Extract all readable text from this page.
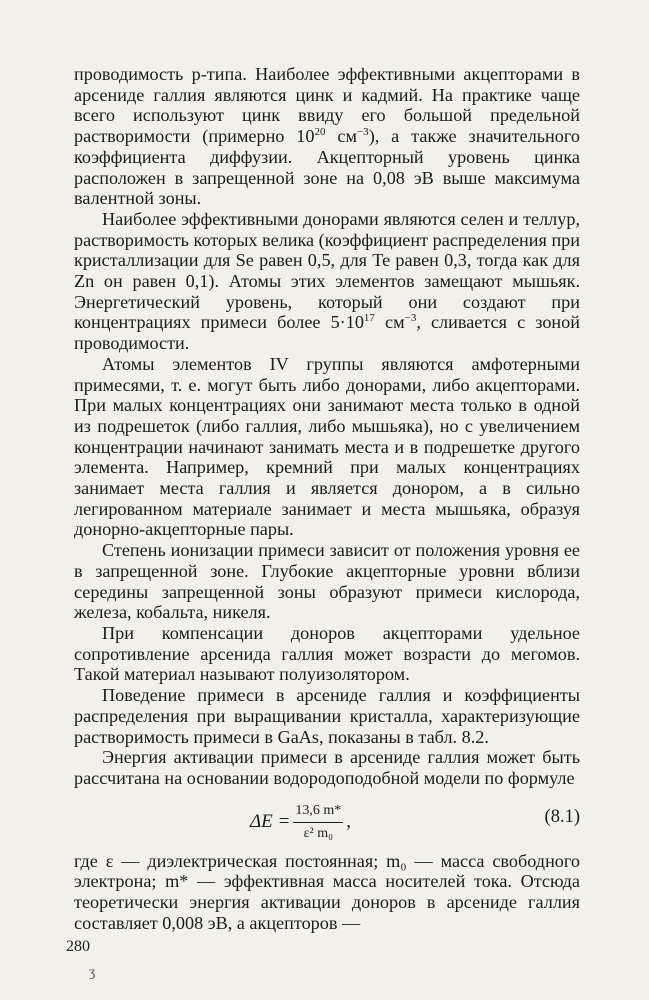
проводимость p-типа. Наиболее эффективными акцепторами в арсениде галлия являются цинк и кадмий. На практике чаще всего используют цинк ввиду его большой предельной растворимости (примерно $10^{20}$ $см^{-3}$), а также значительного коэффициента диффузии. Акцепторный уровень цинка расположен в запрещенной зоне на 0,08 эВ выше максимума валентной зоны.

Наиболее эффективными донорами являются селен и теллур, растворимость которых велика (коэффициент распределения при кристаллизации для Se равен 0,5, для Te равен 0,3, тогда как для Zn он равен 0,1). Атомы этих элементов замещают мышьяк. Энергетический уровень, который они создают при концентрациях примеси более $5\cdot 10^{17}$ $см^{-3}$, сливается с зоной проводимости.

Атомы элементов IV группы являются амфотерными примесями, т. е. могут быть либо донорами, либо акцепторами. При малых концентрациях они занимают места только в одной из подрешеток (либо галлия, либо мышьяка), но с увеличением концентрации начинают занимать места и в подрешетке другого элемента. Например, кремний при малых концентрациях занимает места галлия и является донором, а в сильно легированном материале занимает и места мышьяка, образуя донорно-акцепторные пары.

Степень ионизации примеси зависит от положения уровня ее в запрещенной зоне. Глубокие акцепторные уровни вблизи середины запрещенной зоны образуют примеси кислорода, железа, кобальта, никеля.

При компенсации доноров акцепторами удельное сопротивление арсенида галлия может возрасти до мегомов. Такой материал называют полуизолятором.

Поведение примеси в арсениде галлия и коэффициенты распределения при выращивании кристалла, характеризующие растворимость примеси в GaAs, показаны в табл. 8.2.

Энергия активации примеси в арсениде галлия может быть рассчитана на основании водородоподобной модели по формуле

$\Delta E = \frac{13,6 m*}{\text{ε² m₀}}$ ,	(8.1)

где ε — диэлектрическая постоянная; m₀ — масса свободного электрона; m* — эффективная масса носителей тока. Отсюда теоретически энергия активации доноров в арсениде галлия составляет 0,008 эВ, а акцепторов —

280
ʒ
